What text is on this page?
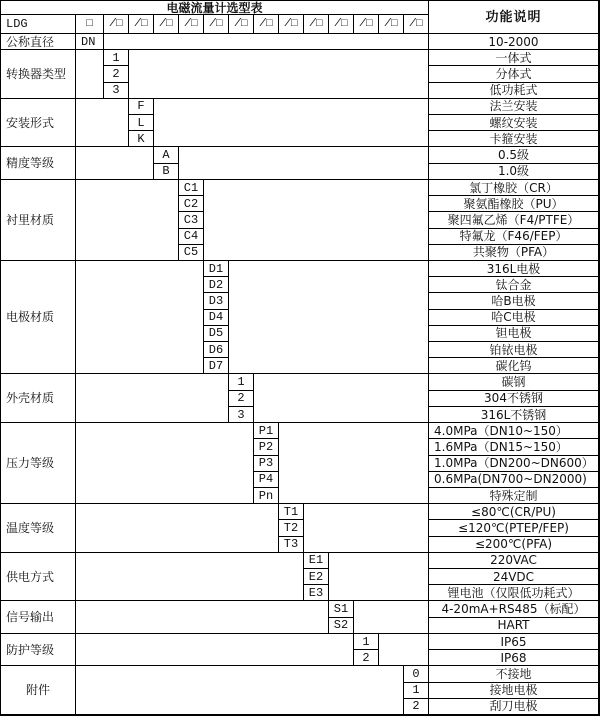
电磁流量计选型表
功能说明
LDG	□	/□	/□	/□	/□	/□	/□	/□	/□	/□	/□	/□	/□	/□
公称直径	DN	10-2000
转换器类型
1	一体式
2	分体式
3	低功耗式
安装形式
F	法兰安装
L	螺纹安装
K	卡箍安装
精度等级
A	0.5级
B	1.0级
衬里材质
C1	氯丁橡胶（CR）
C2	聚氨酯橡胶（PU）
C3	聚四氟乙烯（F4/PTFE）
C4	特氟龙（F46/FEP）
C5	共聚物（PFA）
电极材质
D1	316L电极
D2	钛合金
D3	哈B电极
D4	哈C电极
D5	钽电极
D6	铂铱电极
D7	碳化钨
外壳材质
1	碳钢
2	304不锈钢
3	316L不锈钢
压力等级
P1	4.0MPa（DN10~150）
P2	1.6MPa（DN15~150）
P3	1.0MPa（DN200~DN600）
P4	0.6MPa(DN700~DN2000)
Pn	特殊定制
温度等级
T1	≤80℃(CR/PU)
T2	≤120℃(PTEP/FEP)
T3	≤200℃(PFA)
供电方式
E1	220VAC
E2	24VDC
E3	锂电池（仅限低功耗式）
信号输出
S1	4-20mA+RS485（标配）
S2	HART
防护等级
1	IP65
2	IP68
附件
0	不接地
1	接地电极
2	刮刀电极
